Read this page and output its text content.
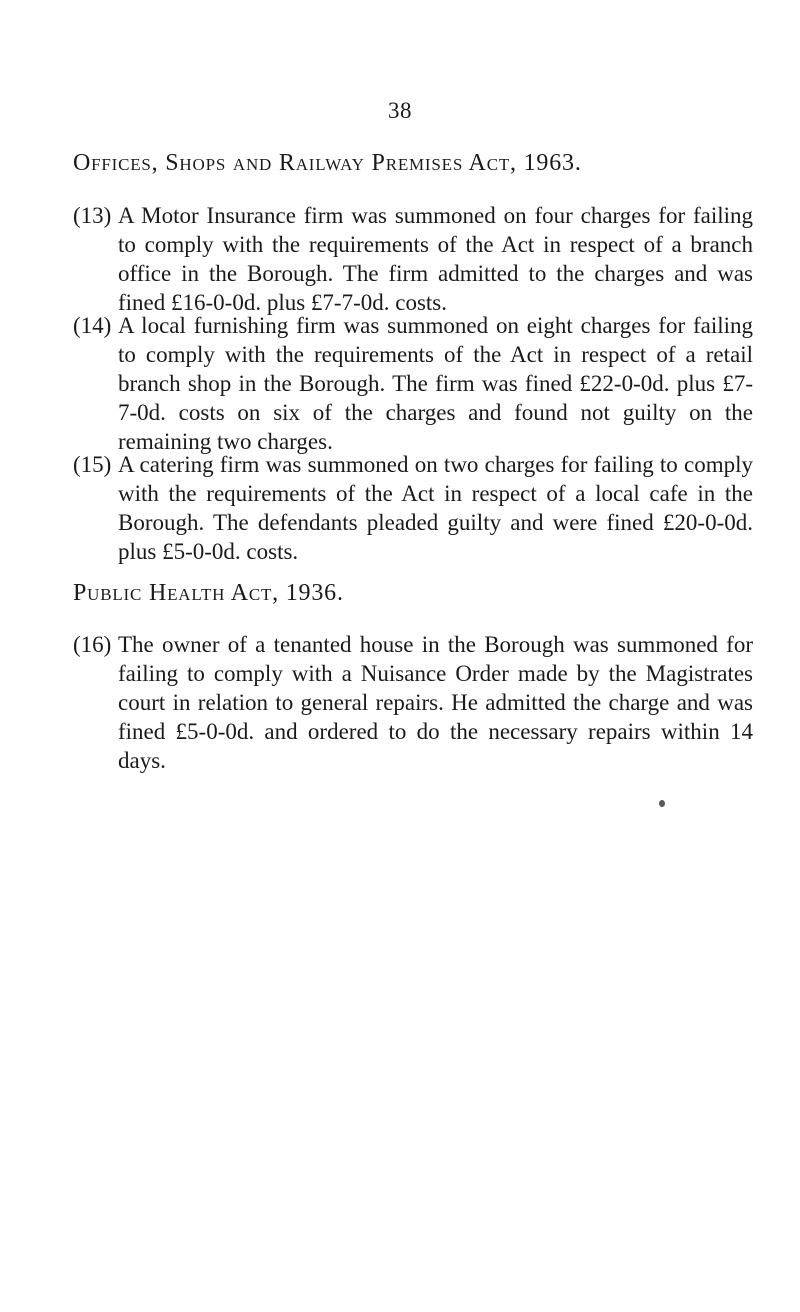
38
Offices, Shops and Railway Premises Act, 1963.
(13) A Motor Insurance firm was summoned on four charges for failing to comply with the requirements of the Act in respect of a branch office in the Borough. The firm admitted to the charges and was fined £16-0-0d. plus £7-7-0d. costs.
(14) A local furnishing firm was summoned on eight charges for failing to comply with the requirements of the Act in respect of a retail branch shop in the Borough. The firm was fined £22-0-0d. plus £7-7-0d. costs on six of the charges and found not guilty on the remaining two charges.
(15) A catering firm was summoned on two charges for failing to comply with the requirements of the Act in respect of a local cafe in the Borough. The defendants pleaded guilty and were fined £20-0-0d. plus £5-0-0d. costs.
Public Health Act, 1936.
(16) The owner of a tenanted house in the Borough was summoned for failing to comply with a Nuisance Order made by the Magistrates court in relation to general repairs. He admitted the charge and was fined £5-0-0d. and ordered to do the necessary repairs within 14 days.
